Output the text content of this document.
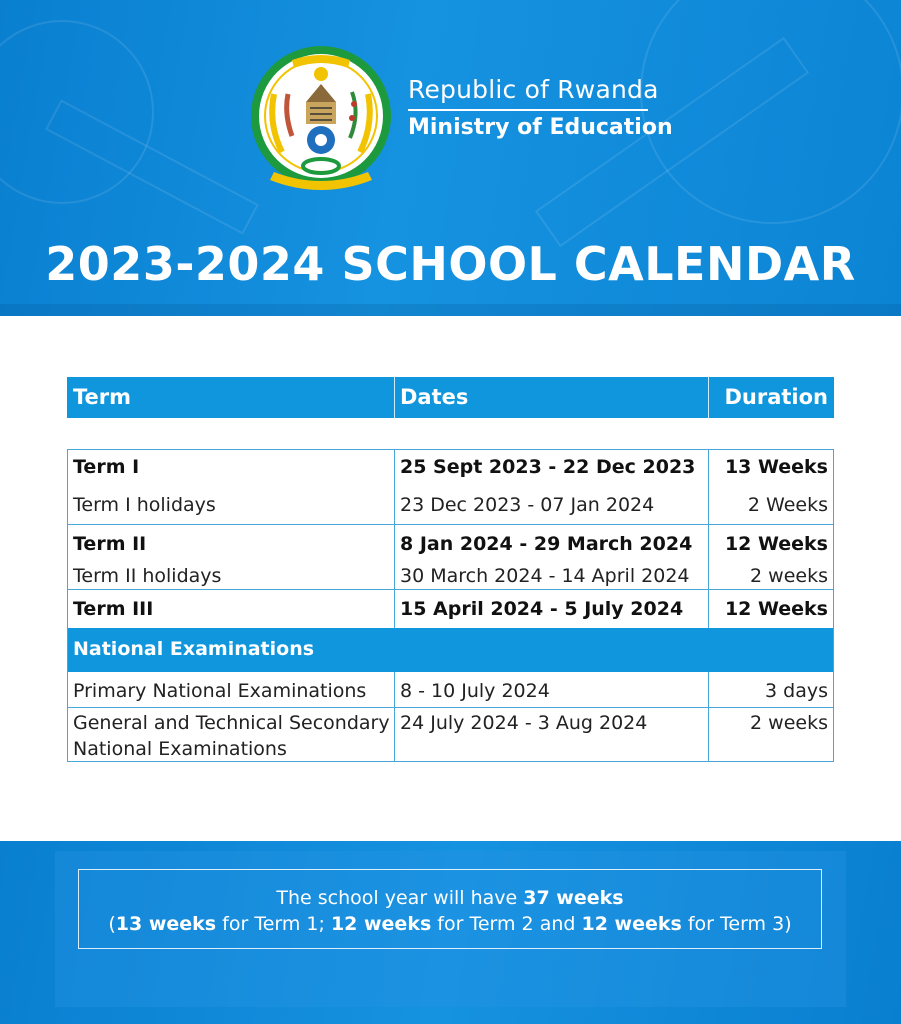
Republic of Rwanda
Ministry of Education
2023-2024 SCHOOL CALENDAR
Term	Dates	Duration
Term I	25 Sept 2023 - 22 Dec 2023 13 Weeks
Term I holidays	23 Dec 2023 - 07 Jan 2024	2 Weeks
Term II	8 Jan 2024 - 29 March 2024 12 Weeks
Term II holidays	30 March 2024 - 14 April 2024	2 weeks
Term III	15 April 2024 - 5 July 2024 12 Weeks
National Examinations
Primary National Examinations 8 - 10 July 2024	3 days
General and Technical Secondary
National Examinations
24 July 2024 - 3 Aug 2024	2 weeks
The school year will have 37 weeks
(13 weeks for Term 1; 12 weeks for Term 2 and 12 weeks for Term 3)
